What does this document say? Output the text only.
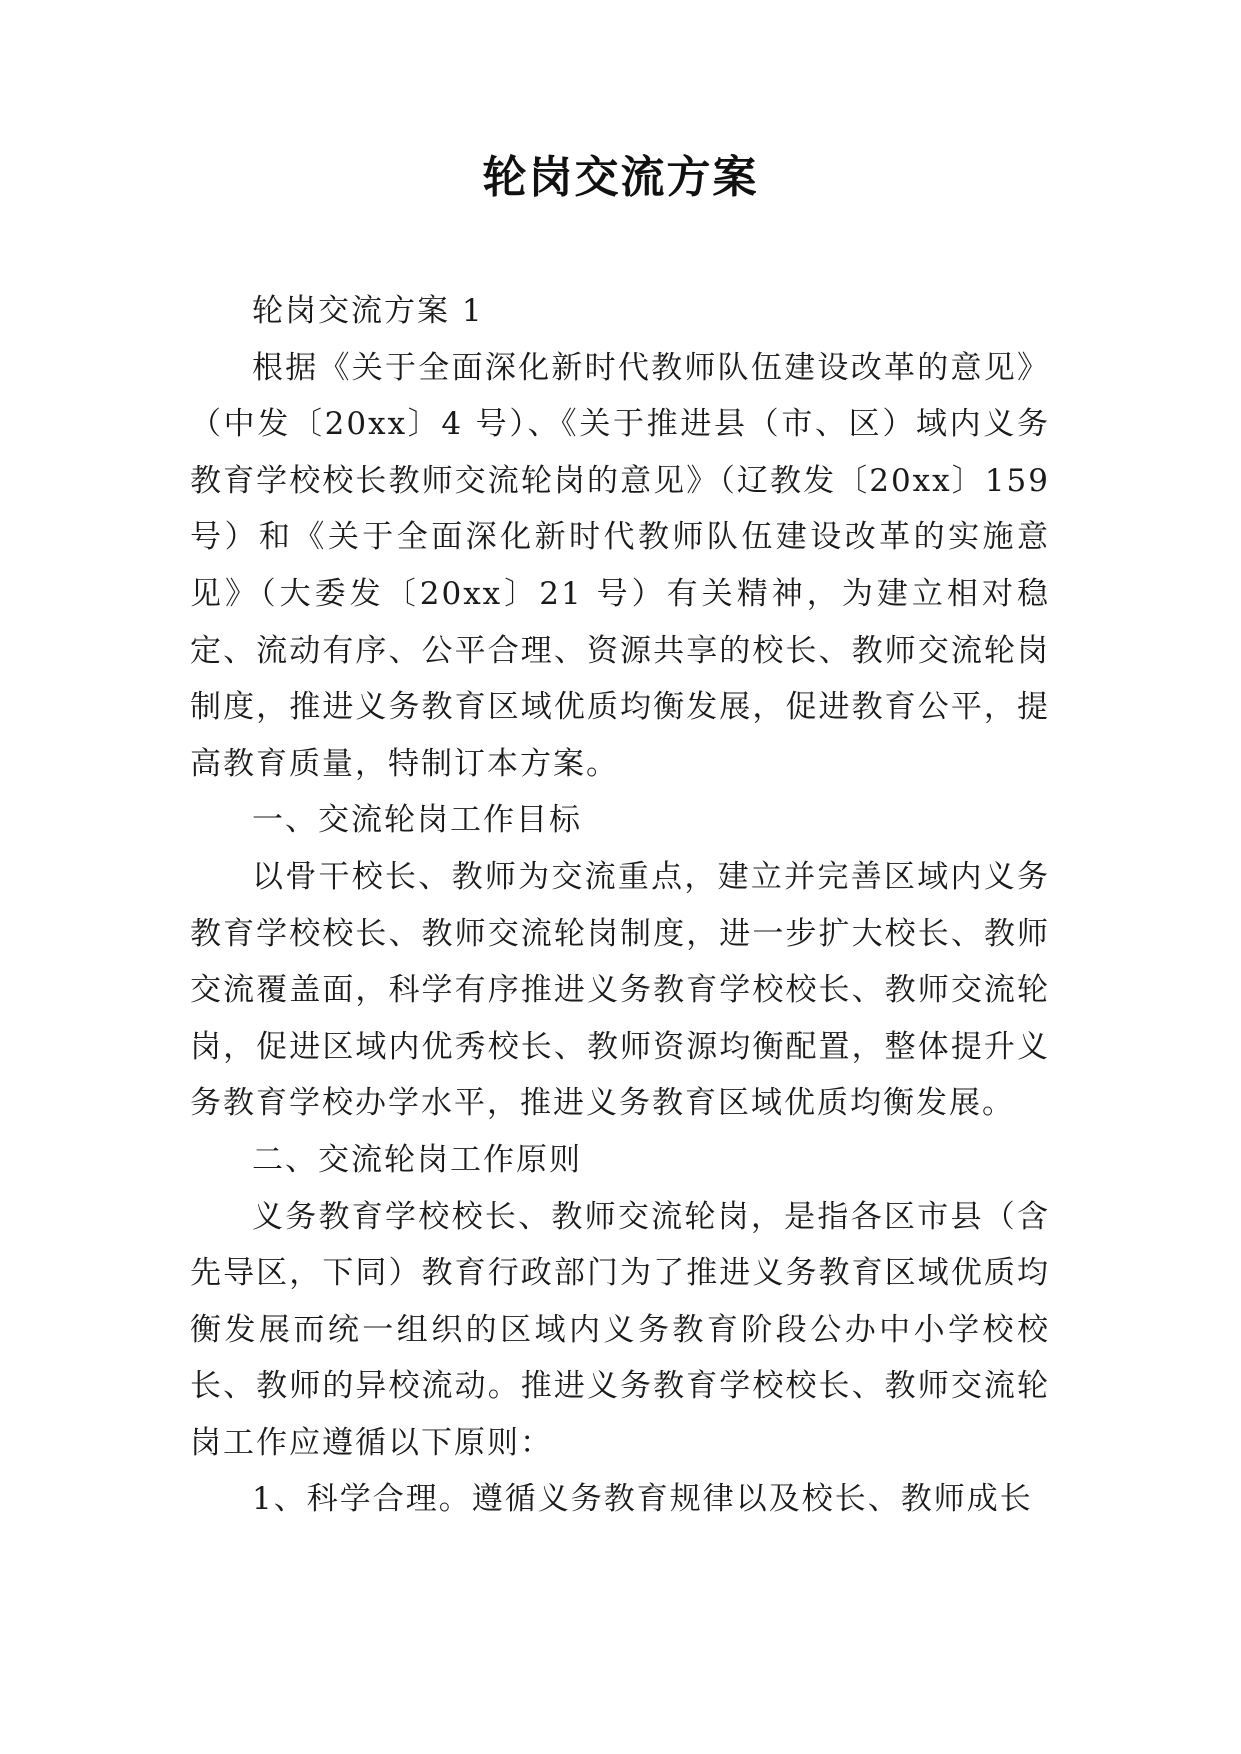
轮岗交流方案

轮岗交流方案 1

根据《关于全面深化新时代教师队伍建设改革的意见》（中发〔20xx〕4 号）、《关于推进县（市、区）域内义务教育学校校长教师交流轮岗的意见》（辽教发〔20xx〕159 号）和《关于全面深化新时代教师队伍建设改革的实施意见》（大委发〔20xx〕21 号）有关精神，为建立相对稳定、流动有序、公平合理、资源共享的校长、教师交流轮岗制度，推进义务教育区域优质均衡发展，促进教育公平，提高教育质量，特制订本方案。

一、交流轮岗工作目标

以骨干校长、教师为交流重点，建立并完善区域内义务教育学校校长、教师交流轮岗制度，进一步扩大校长、教师交流覆盖面，科学有序推进义务教育学校校长、教师交流轮岗，促进区域内优秀校长、教师资源均衡配置，整体提升义务教育学校办学水平，推进义务教育区域优质均衡发展。

二、交流轮岗工作原则

义务教育学校校长、教师交流轮岗，是指各区市县（含先导区，下同）教育行政部门为了推进义务教育区域优质均衡发展而统一组织的区域内义务教育阶段公办中小学校校长、教师的异校流动。推进义务教育学校校长、教师交流轮岗工作应遵循以下原则：

1、科学合理。遵循义务教育规律以及校长、教师成长
